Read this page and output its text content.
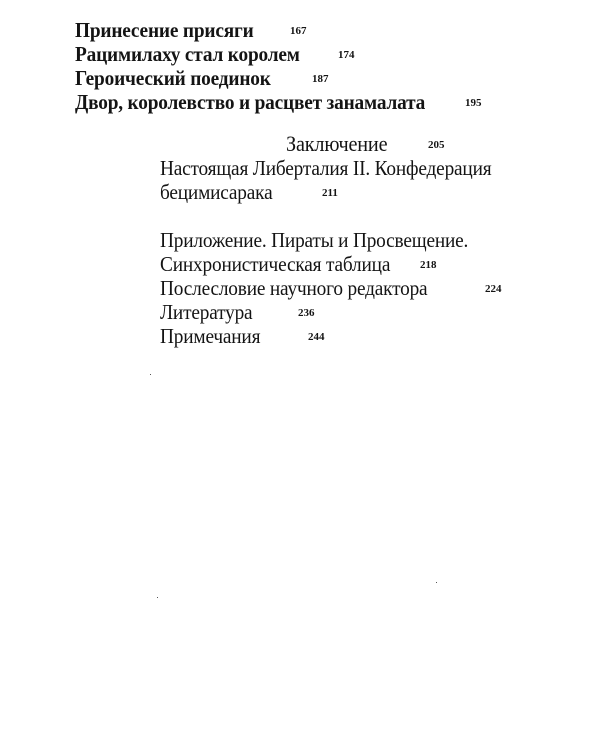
Принесение присяги	167
Рацимилаху стал королем	174
Героический поединок	187
Двор, королевство и расцвет занамалата	195
Заключение	205
Настоящая Либерталия II. Конфедерация
бецимисарака	211
Приложение. Пираты и Просвещение.
Синхронистическая таблица	218
Послесловие научного редактора	224
Литература	236
Примечания	244
